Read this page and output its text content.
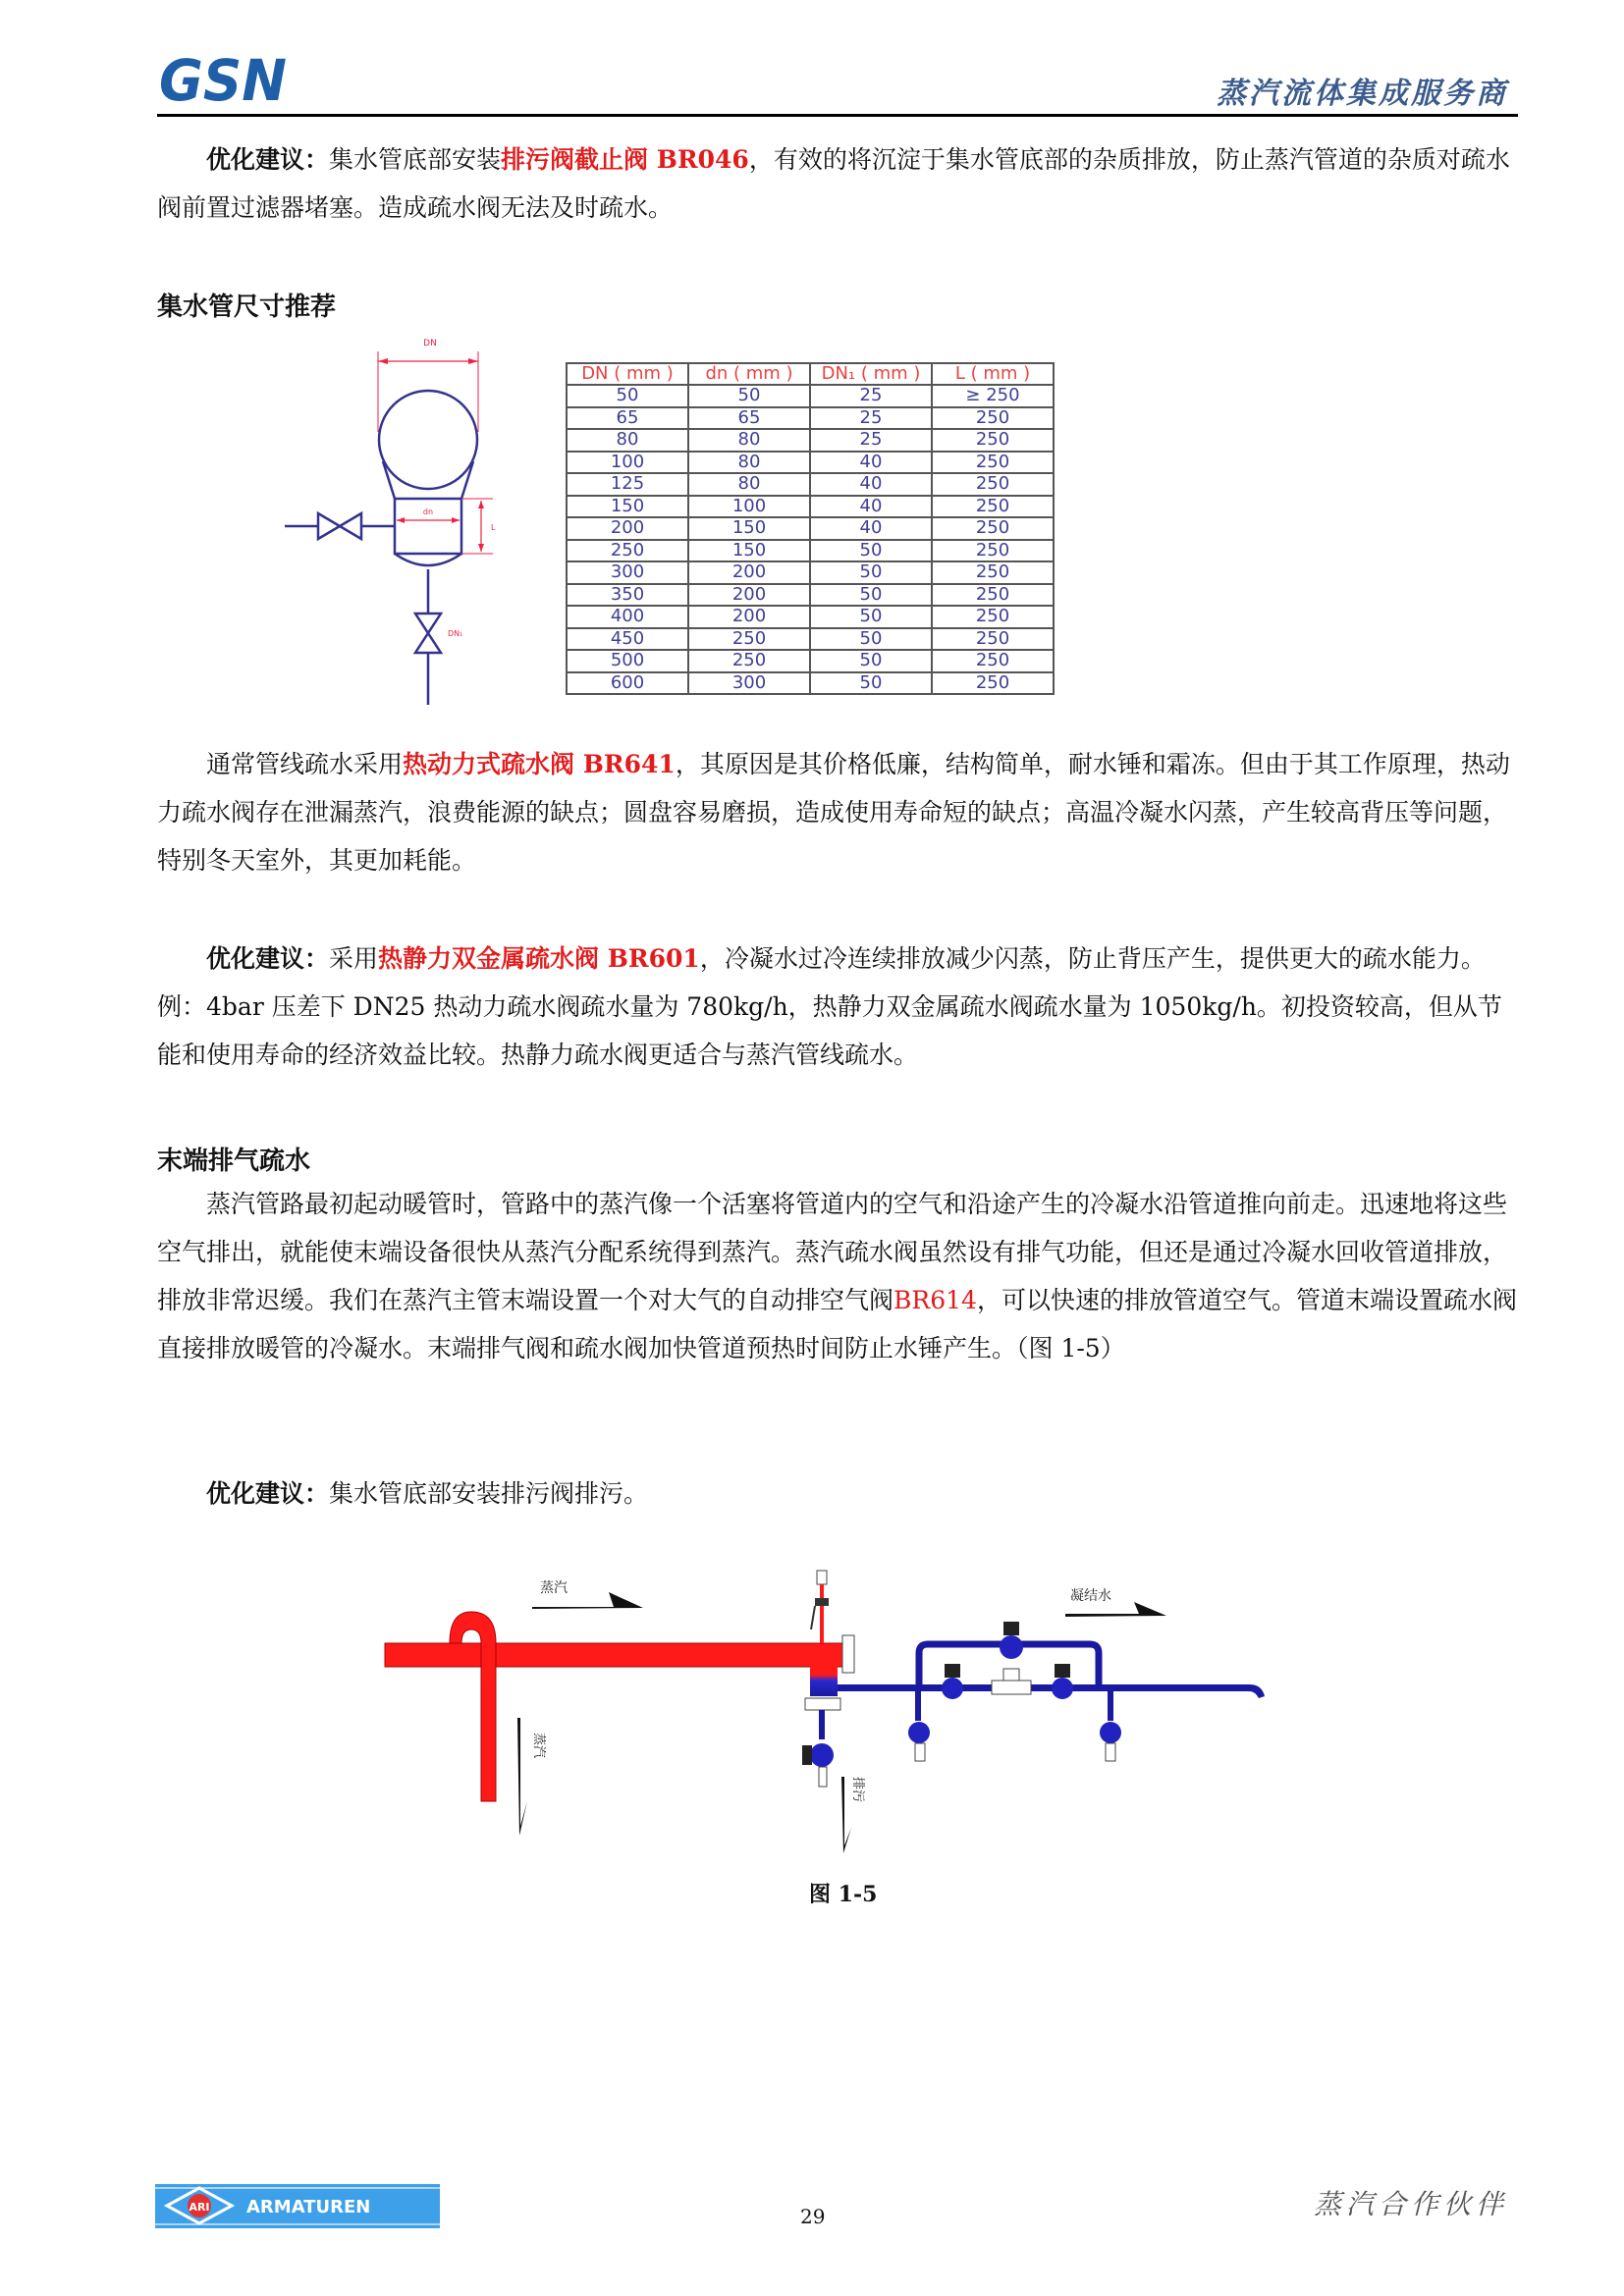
GSN	蒸汽流体集成服务商

优化建议：集水管底部安装排污阀截止阀 BR046，有效的将沉淀于集水管底部的杂质排放，防止蒸汽管道的杂质对疏水阀前置过滤器堵塞。造成疏水阀无法及时疏水。

集水管尺寸推荐
DN
dn
L
DN₁
DN ( mm )	dn ( mm )	DN₁ ( mm )	L ( mm )
50	50	25	≥ 250
65	65	25	250
80	80	25	250
100	80	40	250
125	80	40	250
150	100	40	250
200	150	40	250
250	150	50	250
300	200	50	250
350	200	50	250
400	200	50	250
450	250	50	250
500	250	50	250
600	300	50	250

通常管线疏水采用热动力式疏水阀 BR641，其原因是其价格低廉，结构简单，耐水锤和霜冻。但由于其工作原理，热动力疏水阀存在泄漏蒸汽，浪费能源的缺点；圆盘容易磨损，造成使用寿命短的缺点；高温冷凝水闪蒸，产生较高背压等问题，特别冬天室外，其更加耗能。

优化建议：采用热静力双金属疏水阀 BR601，冷凝水过冷连续排放减少闪蒸，防止背压产生，提供更大的疏水能力。例：4bar 压差下 DN25 热动力疏水阀疏水量为 780kg/h，热静力双金属疏水阀疏水量为 1050kg/h。初投资较高，但从节能和使用寿命的经济效益比较。热静力疏水阀更适合与蒸汽管线疏水。

末端排气疏水

蒸汽管路最初起动暖管时，管路中的蒸汽像一个活塞将管道内的空气和沿途产生的冷凝水沿管道推向前走。迅速地将这些空气排出，就能使末端设备很快从蒸汽分配系统得到蒸汽。蒸汽疏水阀虽然设有排气功能，但还是通过冷凝水回收管道排放，排放非常迟缓。我们在蒸汽主管末端设置一个对大气的自动排空气阀BR614，可以快速的排放管道空气。管道末端设置疏水阀直接排放暖管的冷凝水。末端排气阀和疏水阀加快管道预热时间防止水锤产生。（图 1-5）

优化建议：集水管底部安装排污阀排污。

蒸汽
蒸汽
排污
凝结水
图 1-5
ARI ARMATUREN	29	蒸汽合作伙伴
